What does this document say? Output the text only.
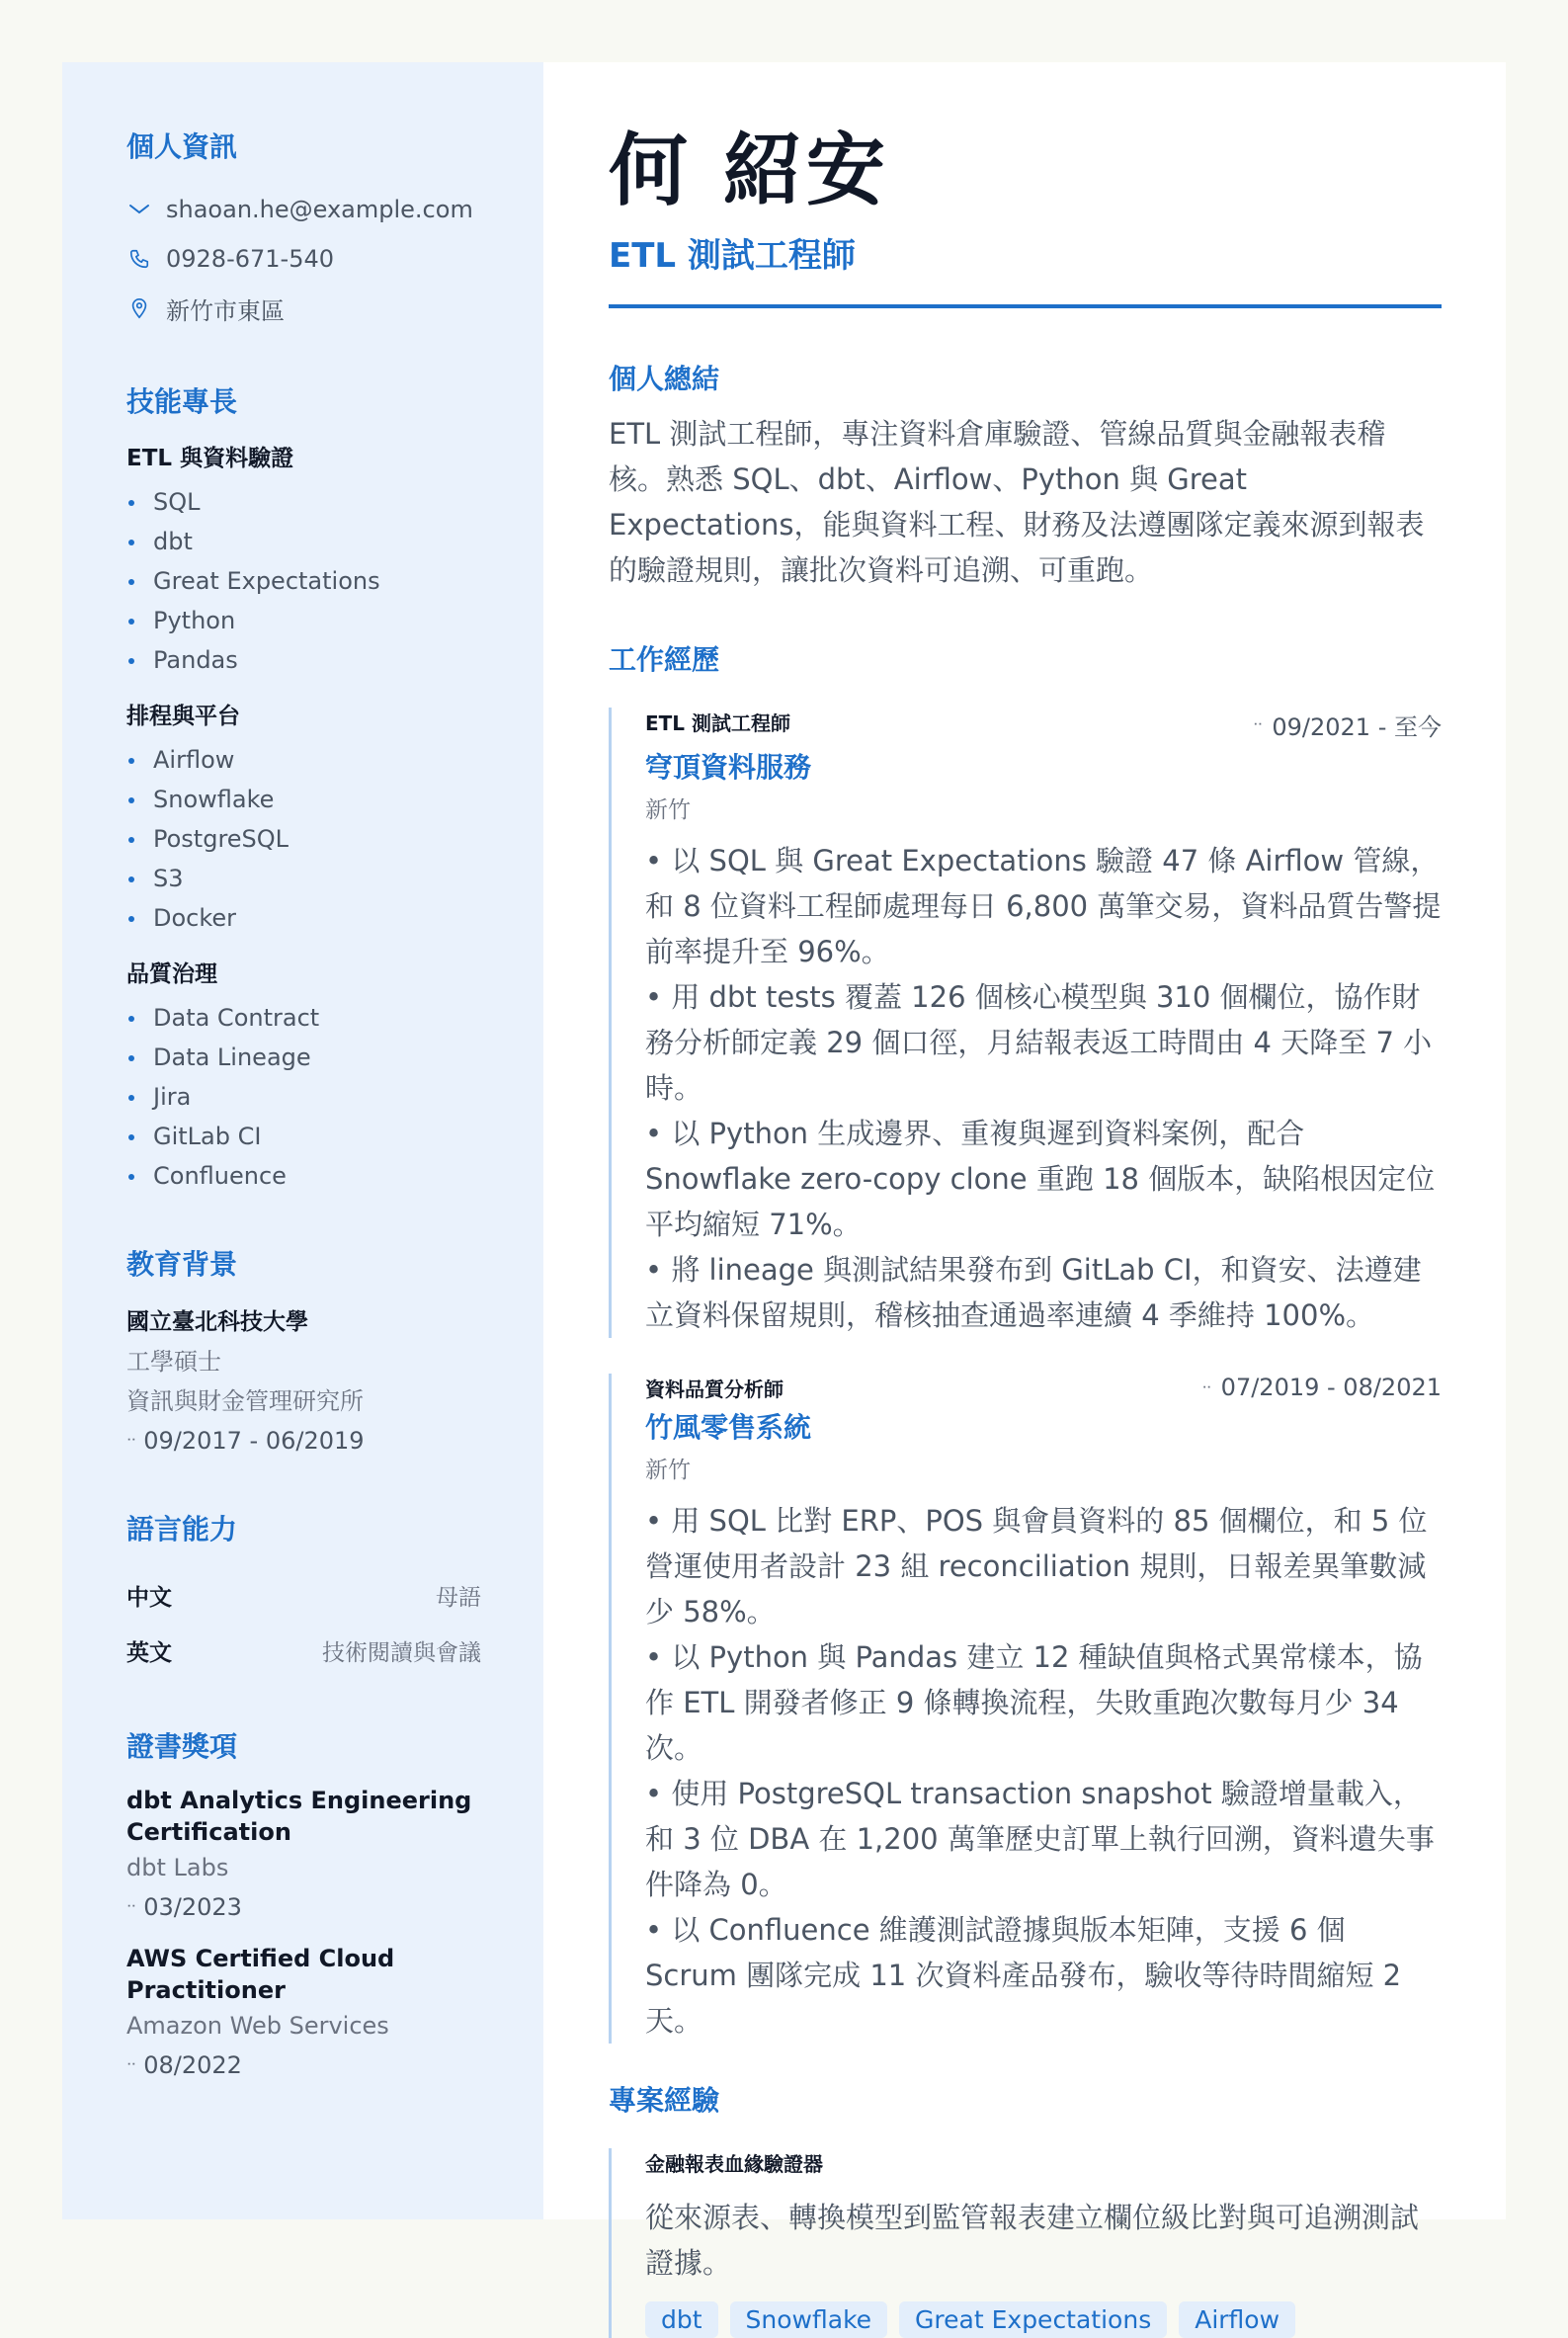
個人資訊
shaoan.he@example.com
0928-671-540
新竹市東區
技能專長
ETL 與資料驗證
SQL
dbt
Great Expectations
Python
Pandas
排程與平台
Airflow
Snowflake
PostgreSQL
S3
Docker
品質治理
Data Contract
Data Lineage
Jira
GitLab CI
Confluence
教育背景
國立臺北科技大學
工學碩士
資訊與財金管理研究所
ᐧᐧ 09/2017 - 06/2019
語言能力
中文	母語
英文	技術閱讀與會議
證書獎項
dbt Analytics Engineering Certification
dbt Labs
ᐧᐧ 03/2023
AWS Certified Cloud Practitioner
Amazon Web Services
ᐧᐧ 08/2022
何 紹安
ETL 測試工程師
個人總結

ETL 測試工程師，專注資料倉庫驗證、管線品質與金融報表稽核。熟悉 SQL、dbt、Airflow、Python 與 Great Expectations，能與資料工程、財務及法遵團隊定義來源到報表的驗證規則，讓批次資料可追溯、可重跑。

工作經歷
ETL 測試工程師	ᐧᐧ 09/2021 - 至今
穹頂資料服務
新竹
• 以 SQL 與 Great Expectations 驗證 47 條 Airflow 管線，和 8 位資料工程師處理每日 6,800 萬筆交易，資料品質告警提前率提升至 96%。
• 用 dbt tests 覆蓋 126 個核心模型與 310 個欄位，協作財務分析師定義 29 個口徑，月結報表返工時間由 4 天降至 7 小時。
• 以 Python 生成邊界、重複與遲到資料案例，配合 Snowflake zero-copy clone 重跑 18 個版本，缺陷根因定位平均縮短 71%。
• 將 lineage 與測試結果發布到 GitLab CI，和資安、法遵建立資料保留規則，稽核抽查通過率連續 4 季維持 100%。
資料品質分析師	ᐧᐧ 07/2019 - 08/2021
竹風零售系統
新竹
• 用 SQL 比對 ERP、POS 與會員資料的 85 個欄位，和 5 位營運使用者設計 23 組 reconciliation 規則，日報差異筆數減少 58%。
• 以 Python 與 Pandas 建立 12 種缺值與格式異常樣本，協作 ETL 開發者修正 9 條轉換流程，失敗重跑次數每月少 34 次。
• 使用 PostgreSQL transaction snapshot 驗證增量載入，和 3 位 DBA 在 1,200 萬筆歷史訂單上執行回溯，資料遺失事件降為 0。
• 以 Confluence 維護測試證據與版本矩陣，支援 6 個 Scrum 團隊完成 11 次資料產品發布，驗收等待時間縮短 2 天。
專案經驗
金融報表血緣驗證器
從來源表、轉換模型到監管報表建立欄位級比對與可追溯測試證據。
dbt	Snowflake	Great Expectations	Airflow
